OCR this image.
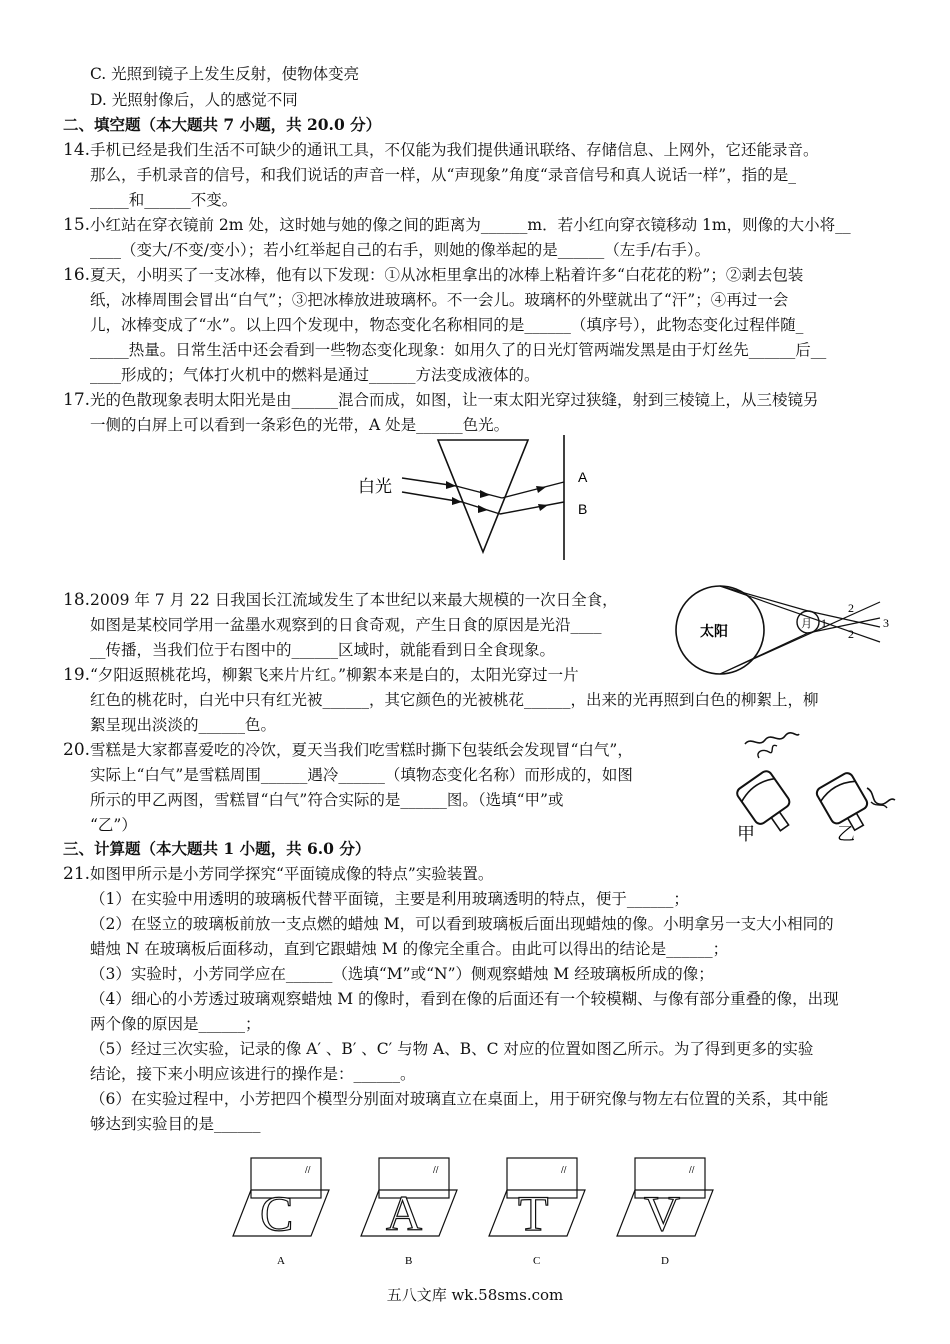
C. 光照到镜子上发生反射，使物体变亮
D. 光照射像后，人的感觉不同
二、填空题（本大题共 7 小题，共 20.0 分）
14. 手机已经是我们生活不可缺少的通讯工具，不仅能为我们提供通讯联络、存储信息、上网外，它还能录音。
那么，手机录音的信号，和我们说话的声音一样，从“声现象”角度“录音信号和真人说话一样”，指的是_
_____和______不变。
15. 小红站在穿衣镜前 2m 处，这时她与她的像之间的距离为______m．若小红向穿衣镜移动 1m，则像的大小将__
____（变大/不变/变小）；若小红举起自己的右手，则她的像举起的是______（左手/右手）。
16. 夏天，小明买了一支冰棒，他有以下发现：①从冰柜里拿出的冰棒上粘着许多“白花花的粉”；②剥去包装
纸，冰棒周围会冒出“白气”；③把冰棒放进玻璃杯。不一会儿。玻璃杯的外壁就出了“汗”；④再过一会
儿，冰棒变成了“水”。以上四个发现中，物态变化名称相同的是______（填序号），此物态变化过程伴随_
_____热量。日常生活中还会看到一些物态变化现象：如用久了的日光灯管两端发黑是由于灯丝先______后__
____形成的；气体打火机中的燃料是通过______方法变成液体的。
17. 光的色散现象表明太阳光是由______混合而成，如图，让一束太阳光穿过狭缝，射到三棱镜上，从三棱镜另
一侧的白屏上可以看到一条彩色的光带，A 处是______色光。
白光	A
B
18. 2009 年 7 月 22 日我国长江流域发生了本世纪以来最大规模的一次日全食，
如图是某校同学用一盆墨水观察到的日食奇观，产生日食的原因是光沿____
__传播，当我们位于右图中的______区域时，就能看到日全食现象。
太阳	月 1
2
2
3
19. “夕阳返照桃花坞，柳絮飞来片片红。”柳絮本来是白的，太阳光穿过一片
红色的桃花时，白光中只有红光被______，其它颜色的光被桃花______，出来的光再照到白色的柳絮上，柳
絮呈现出淡淡的______色。
20. 雪糕是大家都喜爱吃的冷饮，夏天当我们吃雪糕时撕下包装纸会发现冒“白气”，
实际上“白气”是雪糕周围______遇冷______（填物态变化名称）而形成的，如图
所示的甲乙两图，雪糕冒“白气”符合实际的是______图。（选填“甲”或
“乙”）	甲	乙
三、计算题（本大题共 1 小题，共 6.0 分）
21. 如图甲所示是小芳同学探究“平面镜成像的特点”实验装置。
（1）在实验中用透明的玻璃板代替平面镜，主要是利用玻璃透明的特点，便于______；
（2）在竖立的玻璃板前放一支点燃的蜡烛 M，可以看到玻璃板后面出现蜡烛的像。小明拿另一支大小相同的
蜡烛 N 在玻璃板后面移动，直到它跟蜡烛 M 的像完全重合。由此可以得出的结论是______；
（3）实验时，小芳同学应在______（选填“M”或“N”）侧观察蜡烛 M 经玻璃板所成的像；
（4）细心的小芳透过玻璃观察蜡烛 M 的像时，看到在像的后面还有一个较模糊、与像有部分重叠的像，出现
两个像的原因是______；
（5）经过三次实验，记录的像 A′ 、B′ 、C′ 与物 A、B、C 对应的位置如图乙所示。为了得到更多的实验
结论，接下来小明应该进行的操作是：______。
（6）在实验过程中，小芳把四个模型分别面对玻璃直立在桌面上，用于研究像与物左右位置的关系，其中能
够达到实验目的是______
//
C
A
//
A
B
//
T
C
//
V
D
五八文库 wk.58sms.com
